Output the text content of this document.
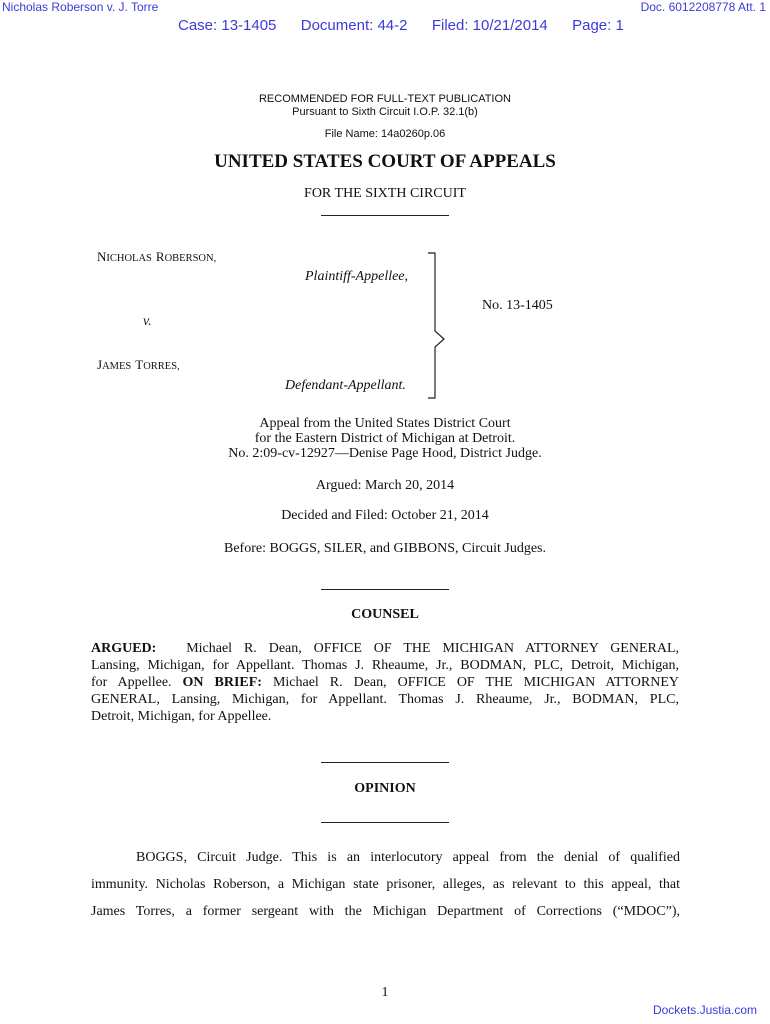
Nicholas Roberson v. J. Torre	Doc. 6012208778 Att. 1
Case: 13-1405 Document: 44-2 Filed: 10/21/2014 Page: 1
RECOMMENDED FOR FULL-TEXT PUBLICATION
Pursuant to Sixth Circuit I.O.P. 32.1(b)
File Name: 14a0260p.06
UNITED STATES COURT OF APPEALS
FOR THE SIXTH CIRCUIT
NICHOLAS ROBERSON,
Plaintiff-Appellee,
v.
JAMES TORRES,
Defendant-Appellant.
No. 13-1405
Appeal from the United States District Court
for the Eastern District of Michigan at Detroit.
No. 2:09-cv-12927—Denise Page Hood, District Judge.
Argued: March 20, 2014
Decided and Filed: October 21, 2014
Before: BOGGS, SILER, and GIBBONS, Circuit Judges.
COUNSEL
ARGUED: Michael R. Dean, OFFICE OF THE MICHIGAN ATTORNEY GENERAL,
Lansing, Michigan, for Appellant. Thomas J. Rheaume, Jr., BODMAN, PLC, Detroit, Michigan,
for Appellee. ON BRIEF: Michael R. Dean, OFFICE OF THE MICHIGAN ATTORNEY
GENERAL, Lansing, Michigan, for Appellant. Thomas J. Rheaume, Jr., BODMAN, PLC,
Detroit, Michigan, for Appellee.
OPINION
BOGGS, Circuit Judge. This is an interlocutory appeal from the denial of qualified
immunity. Nicholas Roberson, a Michigan state prisoner, alleges, as relevant to this appeal, that
James Torres, a former sergeant with the Michigan Department of Corrections (“MDOC”),
1
Dockets.Justia.com
